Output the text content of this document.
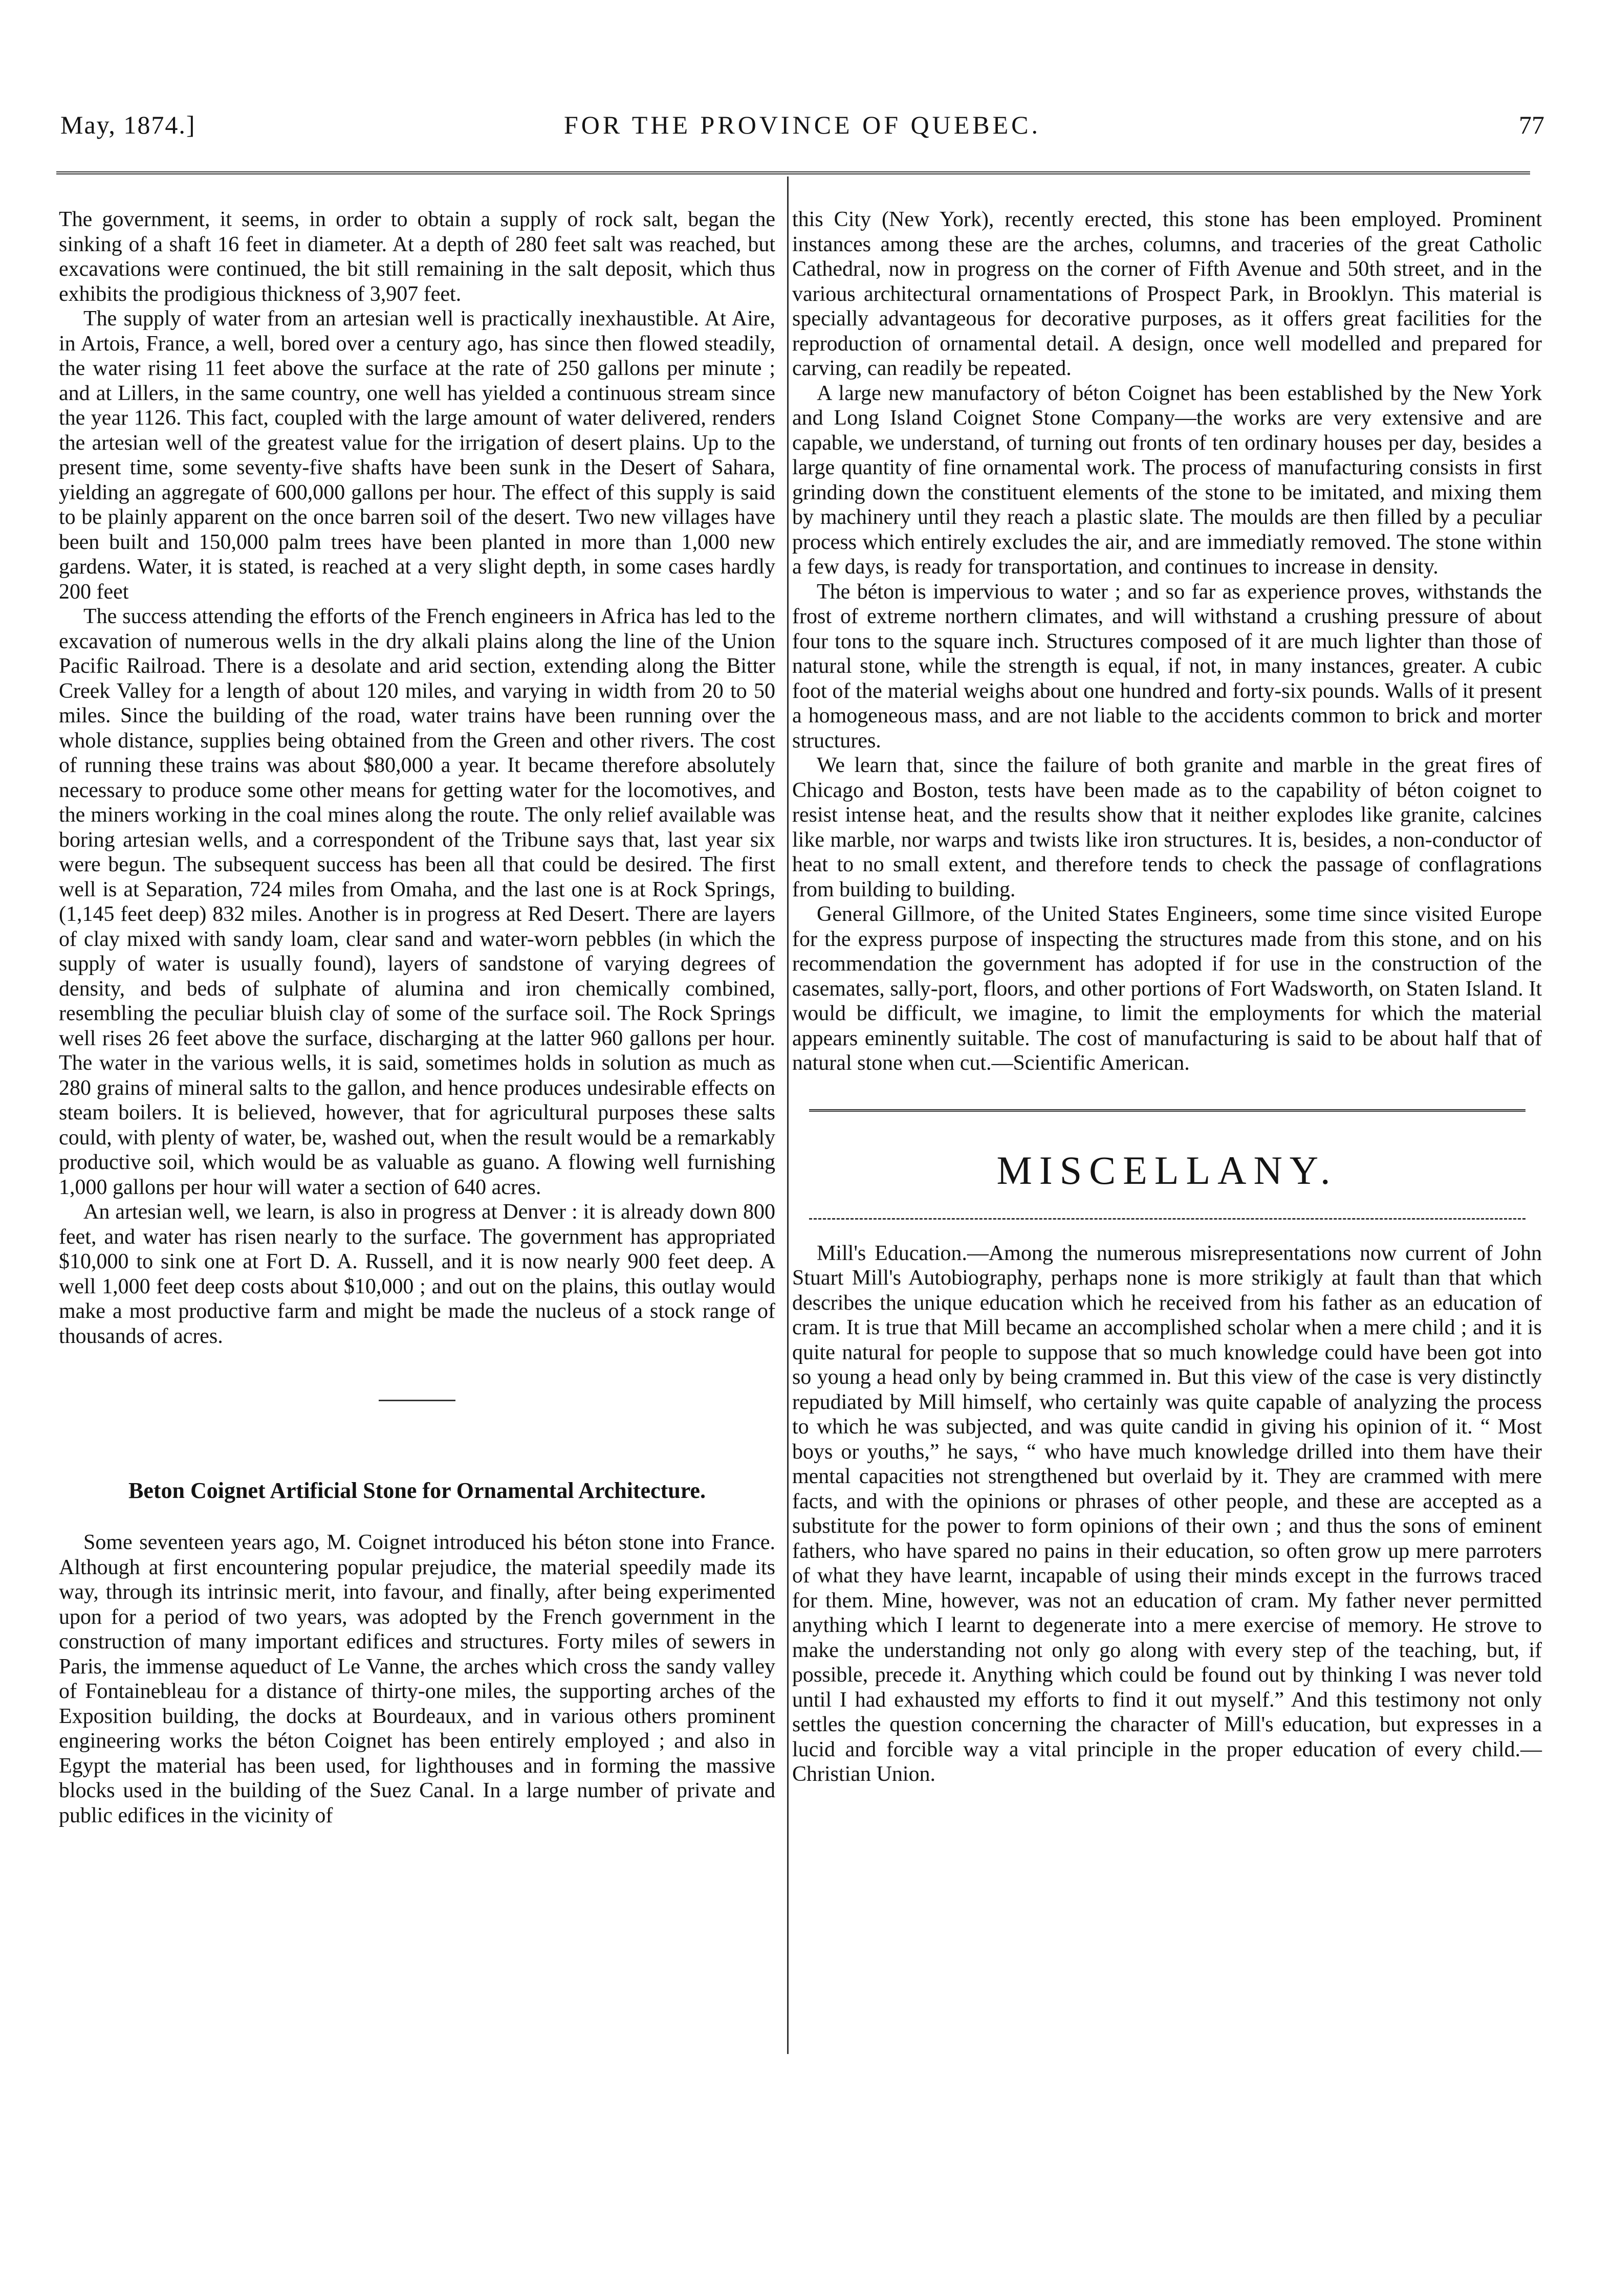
May, 1874.]	FOR THE PROVINCE OF QUEBEC.	77

The government, it seems, in order to obtain a supply of rock salt, began the sinking of a shaft 16 feet in diameter. At a depth of 280 feet salt was reached, but excavations were continued, the bit still remaining in the salt deposit, which thus exhibits the prodigious thickness of 3,907 feet.

The supply of water from an artesian well is practically inexhaustible. At Aire, in Artois, France, a well, bored over a century ago, has since then flowed steadily, the water rising 11 feet above the surface at the rate of 250 gallons per minute ; and at Lillers, in the same country, one well has yielded a continuous stream since the year 1126. This fact, coupled with the large amount of water delivered, renders the artesian well of the greatest value for the irrigation of desert plains. Up to the present time, some seventy-five shafts have been sunk in the Desert of Sahara, yielding an aggregate of 600,000 gallons per hour. The effect of this supply is said to be plainly apparent on the once barren soil of the desert. Two new villages have been built and 150,000 palm trees have been planted in more than 1,000 new gardens. Water, it is stated, is reached at a very slight depth, in some cases hardly 200 feet

The success attending the efforts of the French engineers in Africa has led to the excavation of numerous wells in the dry alkali plains along the line of the Union Pacific Railroad. There is a desolate and arid section, extending along the Bitter Creek Valley for a length of about 120 miles, and varying in width from 20 to 50 miles. Since the building of the road, water trains have been running over the whole distance, supplies being obtained from the Green and other rivers. The cost of running these trains was about $80,000 a year. It became therefore absolutely necessary to produce some other means for getting water for the locomotives, and the miners working in the coal mines along the route. The only relief available was boring artesian wells, and a correspondent of the Tribune says that, last year six were begun. The subsequent success has been all that could be desired. The first well is at Separation, 724 miles from Omaha, and the last one is at Rock Springs, (1,145 feet deep) 832 miles. Another is in progress at Red Desert. There are layers of clay mixed with sandy loam, clear sand and water-worn pebbles (in which the supply of water is usually found), layers of sandstone of varying degrees of density, and beds of sulphate of alumina and iron chemically combined, resembling the peculiar bluish clay of some of the surface soil. The Rock Springs well rises 26 feet above the surface, discharging at the latter 960 gallons per hour. The water in the various wells, it is said, sometimes holds in solution as much as 280 grains of mineral salts to the gallon, and hence produces undesirable effects on steam boilers. It is believed, however, that for agricultural purposes these salts could, with plenty of water, be, washed out, when the result would be a remarkably productive soil, which would be as valuable as guano. A flowing well furnishing 1,000 gallons per hour will water a section of 640 acres.

An artesian well, we learn, is also in progress at Denver : it is already down 800 feet, and water has risen nearly to the surface. The government has appropriated $10,000 to sink one at Fort D. A. Russell, and it is now nearly 900 feet deep. A well 1,000 feet deep costs about $10,000 ; and out on the plains, this outlay would make a most productive farm and might be made the nucleus of a stock range of thousands of acres.

Beton Coignet Artificial Stone for Ornamental Architecture.

Some seventeen years ago, M. Coignet introduced his béton stone into France. Although at first encountering popular prejudice, the material speedily made its way, through its intrinsic merit, into favour, and finally, after being experimented upon for a period of two years, was adopted by the French government in the construction of many important edifices and structures. Forty miles of sewers in Paris, the immense aqueduct of Le Vanne, the arches which cross the sandy valley of Fontainebleau for a distance of thirty-one miles, the supporting arches of the Exposition building, the docks at Bourdeaux, and in various others prominent engineering works the béton Coignet has been entirely employed ; and also in Egypt the material has been used, for lighthouses and in forming the massive blocks used in the building of the Suez Canal. In a large number of private and public edifices in the vicinity of

this City (New York), recently erected, this stone has been employed. Prominent instances among these are the arches, columns, and traceries of the great Catholic Cathedral, now in progress on the corner of Fifth Avenue and 50th street, and in the various architectural ornamentations of Prospect Park, in Brooklyn. This material is specially advantageous for decorative purposes, as it offers great facilities for the reproduction of ornamental detail. A design, once well modelled and prepared for carving, can readily be repeated.

A large new manufactory of béton Coignet has been established by the New York and Long Island Coignet Stone Company—the works are very extensive and are capable, we understand, of turning out fronts of ten ordinary houses per day, besides a large quantity of fine ornamental work. The process of manufacturing consists in first grinding down the constituent elements of the stone to be imitated, and mixing them by machinery until they reach a plastic slate. The moulds are then filled by a peculiar process which entirely excludes the air, and are immediatly removed. The stone within a few days, is ready for transportation, and continues to increase in density.

The béton is impervious to water ; and so far as experience proves, withstands the frost of extreme northern climates, and will withstand a crushing pressure of about four tons to the square inch. Structures composed of it are much lighter than those of natural stone, while the strength is equal, if not, in many instances, greater. A cubic foot of the material weighs about one hundred and forty-six pounds. Walls of it present a homogeneous mass, and are not liable to the accidents common to brick and morter structures.

We learn that, since the failure of both granite and marble in the great fires of Chicago and Boston, tests have been made as to the capability of béton coignet to resist intense heat, and the results show that it neither explodes like granite, calcines like marble, nor warps and twists like iron structures. It is, besides, a non-conductor of heat to no small extent, and therefore tends to check the passage of conflagrations from building to building.

General Gillmore, of the United States Engineers, some time since visited Europe for the express purpose of inspecting the structures made from this stone, and on his recommendation the government has adopted if for use in the construction of the casemates, sally-port, floors, and other portions of Fort Wadsworth, on Staten Island. It would be difficult, we imagine, to limit the employments for which the material appears eminently suitable. The cost of manufacturing is said to be about half that of natural stone when cut.—Scientific American.

MISCELLANY.

Mill's Education.—Among the numerous misrepresentations now current of John Stuart Mill's Autobiography, perhaps none is more strikigly at fault than that which describes the unique education which he received from his father as an education of cram. It is true that Mill became an accomplished scholar when a mere child ; and it is quite natural for people to suppose that so much knowledge could have been got into so young a head only by being crammed in. But this view of the case is very distinctly repudiated by Mill himself, who certainly was quite capable of analyzing the process to which he was subjected, and was quite candid in giving his opinion of it. “ Most boys or youths,” he says, “ who have much knowledge drilled into them have their mental capacities not strengthened but overlaid by it. They are crammed with mere facts, and with the opinions or phrases of other people, and these are accepted as a substitute for the power to form opinions of their own ; and thus the sons of eminent fathers, who have spared no pains in their education, so often grow up mere parroters of what they have learnt, incapable of using their minds except in the furrows traced for them. Mine, however, was not an education of cram. My father never permitted anything which I learnt to degenerate into a mere exercise of memory. He strove to make the understanding not only go along with every step of the teaching, but, if possible, precede it. Anything which could be found out by thinking I was never told until I had exhausted my efforts to find it out myself.” And this testimony not only settles the question concerning the character of Mill's education, but expresses in a lucid and forcible way a vital principle in the proper education of every child.—Christian Union.
